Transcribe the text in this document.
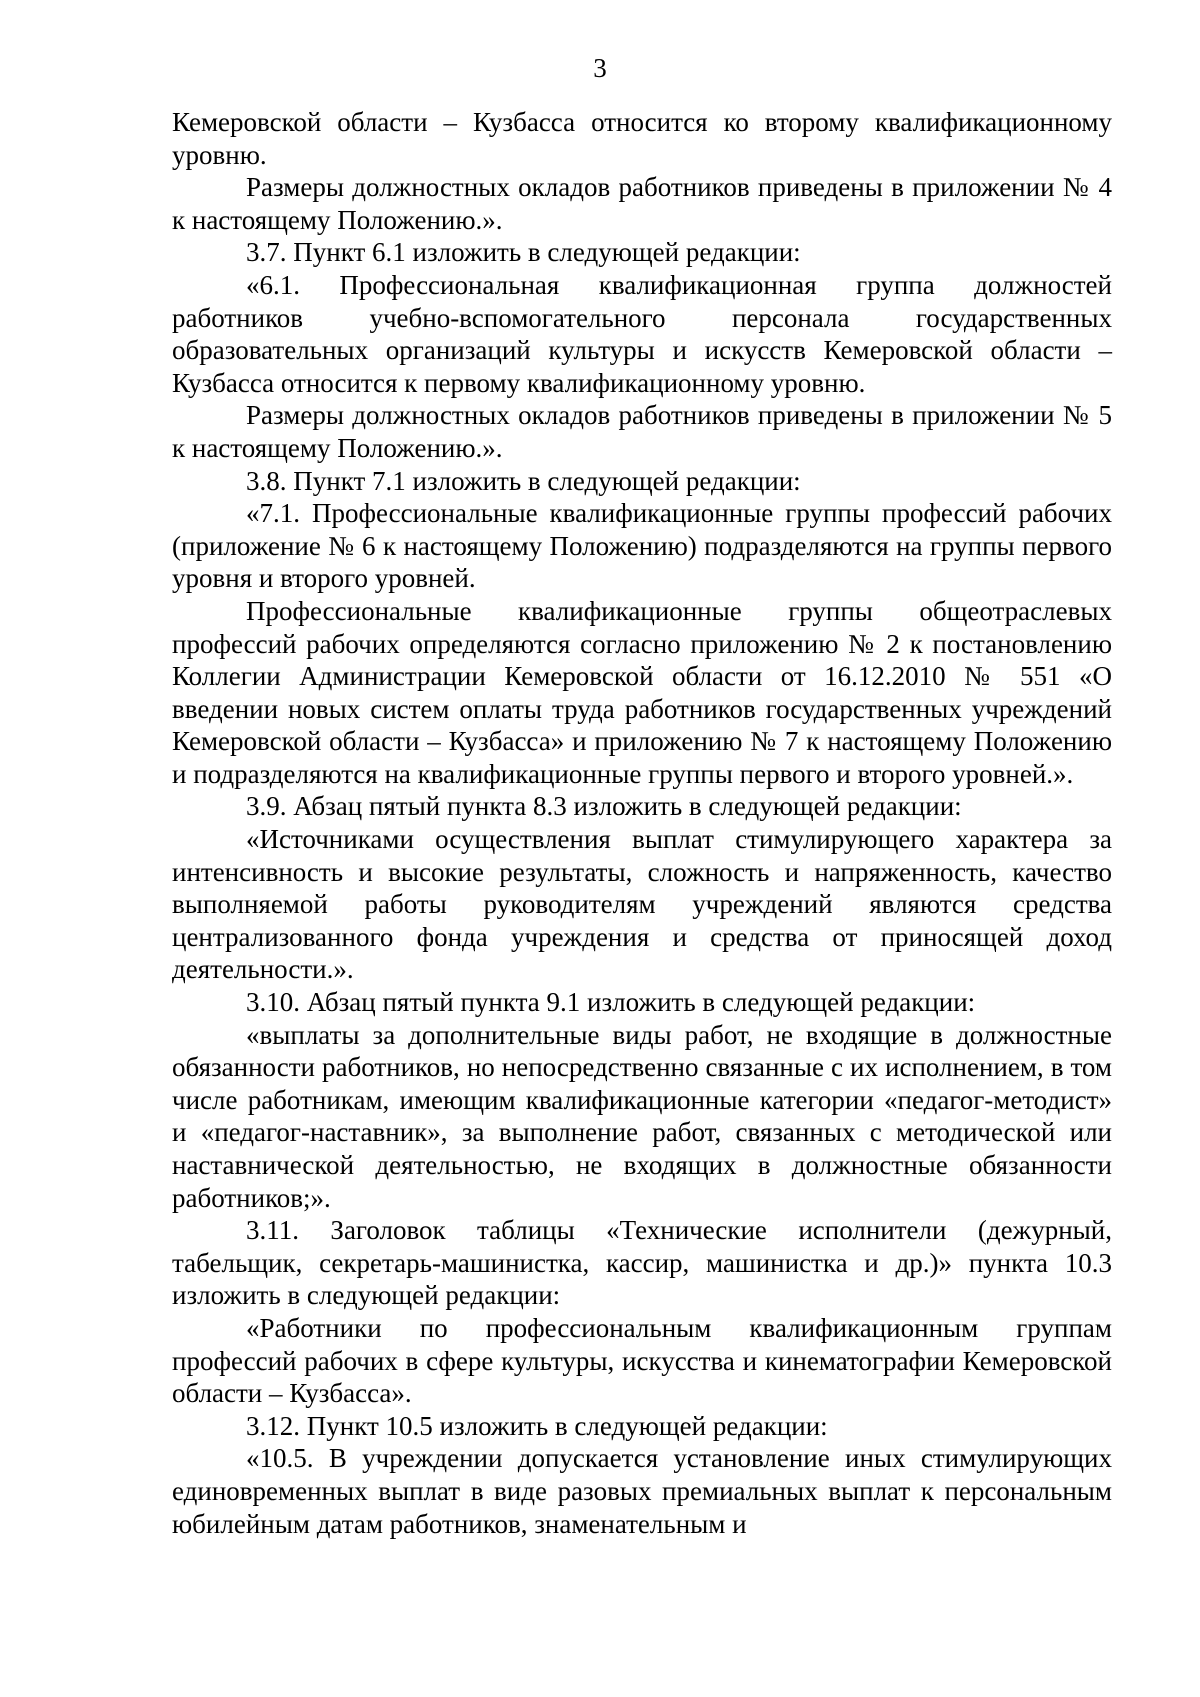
3

Кемеровской области – Кузбасса относится ко второму квалификационному уровню.

Размеры должностных окладов работников приведены в приложении № 4 к настоящему Положению.».

3.7. Пункт 6.1 изложить в следующей редакции:

«6.1. Профессиональная квалификационная группа должностей работников учебно-вспомогательного персонала государственных образовательных организаций культуры и искусств Кемеровской области – Кузбасса относится к первому квалификационному уровню.

Размеры должностных окладов работников приведены в приложении № 5 к настоящему Положению.».

3.8. Пункт 7.1 изложить в следующей редакции:

«7.1. Профессиональные квалификационные группы профессий рабочих (приложение № 6 к настоящему Положению) подразделяются на группы первого уровня и второго уровней.

Профессиональные квалификационные группы общеотраслевых профессий рабочих определяются согласно приложению № 2 к постановлению Коллегии Администрации Кемеровской области от 16.12.2010 № 551 «О введении новых систем оплаты труда работников государственных учреждений Кемеровской области – Кузбасса» и приложению № 7 к настоящему Положению и подразделяются на квалификационные группы первого и второго уровней.».

3.9. Абзац пятый пункта 8.3 изложить в следующей редакции:

«Источниками осуществления выплат стимулирующего характера за интенсивность и высокие результаты, сложность и напряженность, качество выполняемой работы руководителям учреждений являются средства централизованного фонда учреждения и средства от приносящей доход деятельности.».

3.10. Абзац пятый пункта 9.1 изложить в следующей редакции:

«выплаты за дополнительные виды работ, не входящие в должностные обязанности работников, но непосредственно связанные с их исполнением, в том числе работникам, имеющим квалификационные категории «педагог-методист» и «педагог-наставник», за выполнение работ, связанных с методической или наставнической деятельностью, не входящих в должностные обязанности работников;».

3.11. Заголовок таблицы «Технические исполнители (дежурный, табельщик, секретарь-машинистка, кассир, машинистка и др.)» пункта 10.3 изложить в следующей редакции:

«Работники по профессиональным квалификационным группам профессий рабочих в сфере культуры, искусства и кинематографии Кемеровской области – Кузбасса».

3.12. Пункт 10.5 изложить в следующей редакции:

«10.5. В учреждении допускается установление иных стимулирующих единовременных выплат в виде разовых премиальных выплат к персональным юбилейным датам работников, знаменательным и
